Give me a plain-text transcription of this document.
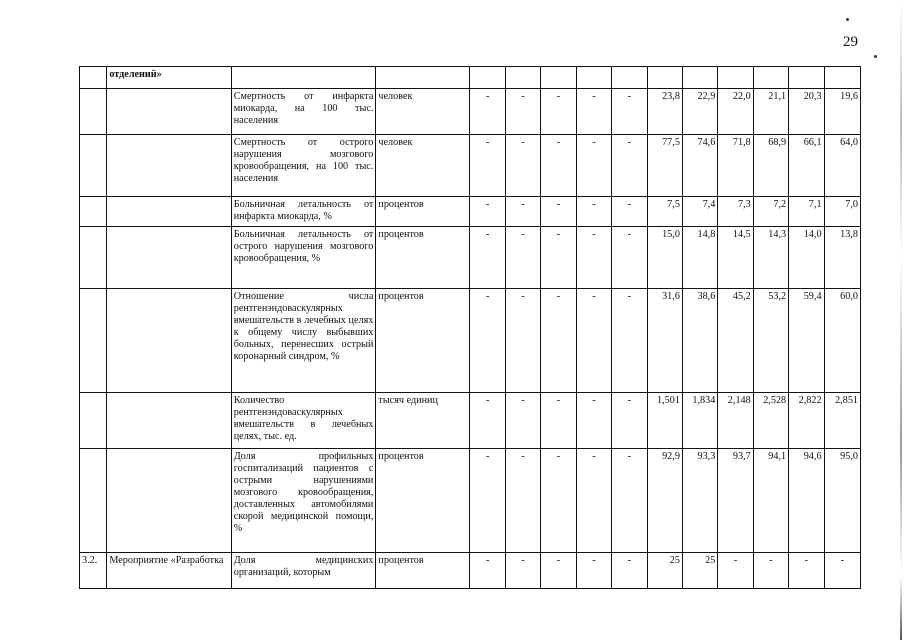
29
	отделений»													
		Смертность от инфаркта миокарда, на 100 тыс. населения	человек	-	-	-	-	-	23,8	22,9	22,0	21,1	20,3	19,6
		Смертность от острого нарушения мозгового кровообращения, на 100 тыс. населения	человек	-	-	-	-	-	77,5	74,6	71,8	68,9	66,1	64,0
		Больничная летальность от инфаркта миокарда, %	процентов	-	-	-	-	-	7,5	7,4	7,3	7,2	7,1	7,0
		Больничная летальность от острого нарушения мозгового кровообращения, %	процентов	-	-	-	-	-	15,0	14,8	14,5	14,3	14,0	13,8
		Отношение числа рентгенэндоваскулярных вмешательств в лечебных целях к общему числу выбывших больных, перенесших острый коронарный синдром, %	процентов	-	-	-	-	-	31,6	38,6	45,2	53,2	59,4	60,0
		Количество рентгенэндоваскулярных вмешательств в лечебных целях, тыс. ед.	тысяч единиц	-	-	-	-	-	1,501	1,834	2,148	2,528	2,822	2,851
		Доля профильных госпитализаций пациентов с острыми нарушениями мозгового кровообращения, доставленных автомобилями скорой медицинской помощи, %	процентов	-	-	-	-	-	92,9	93,3	93,7	94,1	94,6	95,0
3.2.	Мероприятие «Разработка	Доля медицинских организаций, которым	процентов	-	-	-	-	-	25	25	-	-	-	-
